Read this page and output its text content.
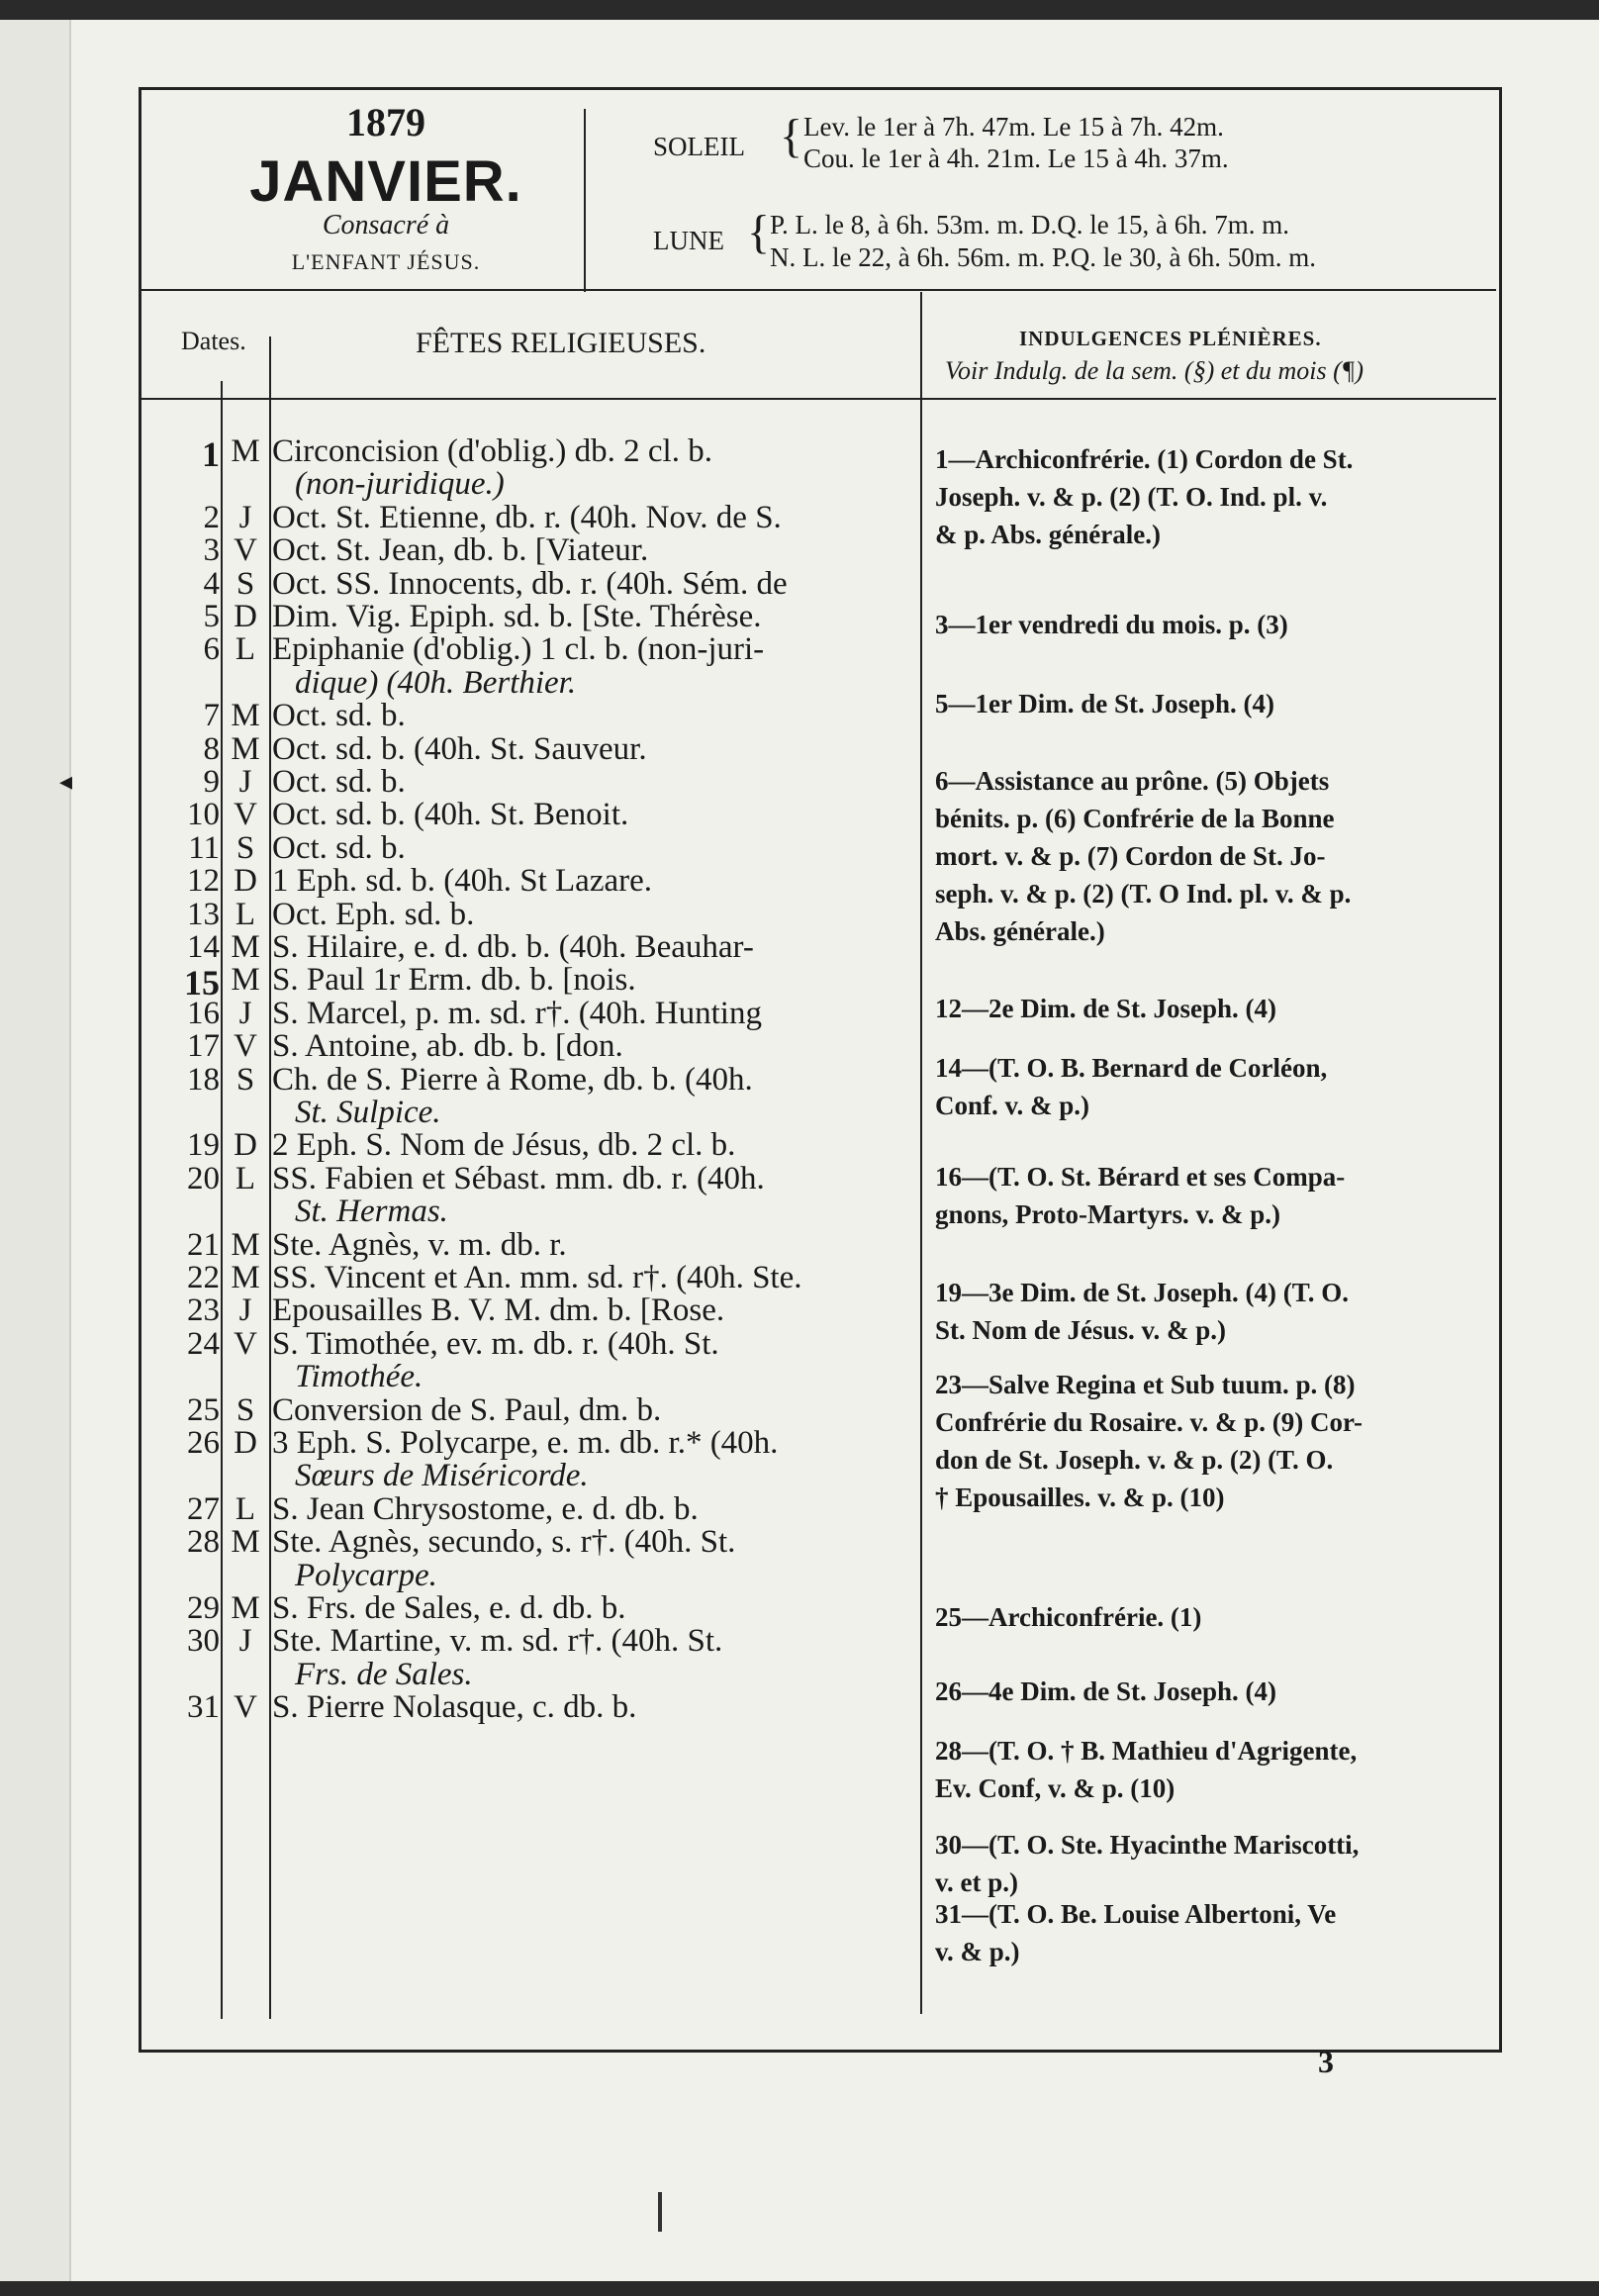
◂
1879
JANVIER.
Consacré à
L'ENFANT JÉSUS.
SOLEIL { Lev. le 1er à 7h. 47m. Le 15 à 7h. 42m.
Cou. le 1er à 4h. 21m. Le 15 à 4h. 37m.
LUNE { P. L. le 8, à 6h. 53m. m. D.Q. le 15, à 6h. 7m. m.
N. L. le 22, à 6h. 56m. m. P.Q. le 30, à 6h. 50m. m.
Dates.	FÊTES RELIGIEUSES.	INDULGENCES PLÉNIÈRES.
Voir Indulg. de la sem. (§) et du mois (¶)
1 M Circoncision (d'oblig.) db. 2 cl. b.
(non-juridique.)
2 J Oct. St. Etienne, db. r. (40h. Nov. de S.
3 V Oct. St. Jean, db. b. [Viateur.
4 S Oct. SS. Innocents, db. r. (40h. Sém. de
5 D Dim. Vig. Epiph. sd. b. [Ste. Thérèse.
6 L Epiphanie (d'oblig.) 1 cl. b. (non-juri-
dique) (40h. Berthier.
7 M Oct. sd. b.
8 M Oct. sd. b. (40h. St. Sauveur.
9 J Oct. sd. b.
10 V Oct. sd. b. (40h. St. Benoit.
11 S Oct. sd. b.
12 D 1 Eph. sd. b. (40h. St Lazare.
13 L Oct. Eph. sd. b.
14 M S. Hilaire, e. d. db. b. (40h. Beauhar-
15 M S. Paul 1r Erm. db. b. [nois.
16 J S. Marcel, p. m. sd. r†. (40h. Hunting
17 V S. Antoine, ab. db. b. [don.
18 S Ch. de S. Pierre à Rome, db. b. (40h.
St. Sulpice.
19 D 2 Eph. S. Nom de Jésus, db. 2 cl. b.
20 L SS. Fabien et Sébast. mm. db. r. (40h.
St. Hermas.
21 M Ste. Agnès, v. m. db. r.
22 M SS. Vincent et An. mm. sd. r†. (40h. Ste.
23 J Epousailles B. V. M. dm. b. [Rose.
24 V S. Timothée, ev. m. db. r. (40h. St.
Timothée.
25 S Conversion de S. Paul, dm. b.
26 D 3 Eph. S. Polycarpe, e. m. db. r.* (40h.
Sœurs de Miséricorde.
27 L S. Jean Chrysostome, e. d. db. b.
28 M Ste. Agnès, secundo, s. r†. (40h. St.
Polycarpe.
29 M S. Frs. de Sales, e. d. db. b.
30 J Ste. Martine, v. m. sd. r†. (40h. St.
Frs. de Sales.
31 V S. Pierre Nolasque, c. db. b.
1—Archiconfrérie. (1) Cordon de St.
Joseph. v. & p. (2) (T. O. Ind. pl. v.
& p. Abs. générale.)
3—1er vendredi du mois. p. (3)
5—1er Dim. de St. Joseph. (4)
6—Assistance au prône. (5) Objets
bénits. p. (6) Confrérie de la Bonne
mort. v. & p. (7) Cordon de St. Jo-
seph. v. & p. (2) (T. O Ind. pl. v. & p.
Abs. générale.)
12—2e Dim. de St. Joseph. (4)
14—(T. O. B. Bernard de Corléon,
Conf. v. & p.)
16—(T. O. St. Bérard et ses Compa-
gnons, Proto-Martyrs. v. & p.)
19—3e Dim. de St. Joseph. (4) (T. O.
St. Nom de Jésus. v. & p.)
23—Salve Regina et Sub tuum. p. (8)
Confrérie du Rosaire. v. & p. (9) Cor-
don de St. Joseph. v. & p. (2) (T. O.
† Epousailles. v. & p. (10)
25—Archiconfrérie. (1)
26—4e Dim. de St. Joseph. (4)
28—(T. O. † B. Mathieu d'Agrigente,
Ev. Conf, v. & p. (10)
30—(T. O. Ste. Hyacinthe Mariscotti,
v. et p.)
31—(T. O. Be. Louise Albertoni, Ve
v. & p.)
3
